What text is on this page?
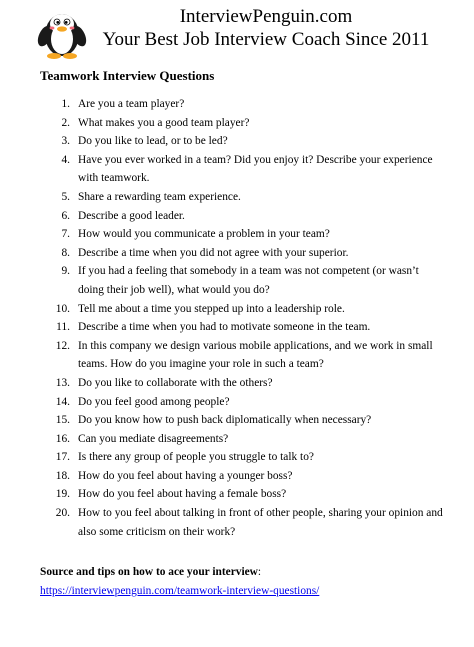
InterviewPenguin.com
Your Best Job Interview Coach Since 2011
Teamwork Interview Questions
1. Are you a team player?
2. What makes you a good team player?
3. Do you like to lead, or to be led?
4. Have you ever worked in a team? Did you enjoy it? Describe your experience with teamwork.
5. Share a rewarding team experience.
6. Describe a good leader.
7. How would you communicate a problem in your team?
8. Describe a time when you did not agree with your superior.
9. If you had a feeling that somebody in a team was not competent (or wasn’t doing their job well), what would you do?
10. Tell me about a time you stepped up into a leadership role.
11. Describe a time when you had to motivate someone in the team.
12. In this company we design various mobile applications, and we work in small teams. How do you imagine your role in such a team?
13. Do you like to collaborate with the others?
14. Do you feel good among people?
15. Do you know how to push back diplomatically when necessary?
16. Can you mediate disagreements?
17. Is there any group of people you struggle to talk to?
18. How do you feel about having a younger boss?
19. How do you feel about having a female boss?
20. How to you feel about talking in front of other people, sharing your opinion and also some criticism on their work?
Source and tips on how to ace your interview: https://interviewpenguin.com/teamwork-interview-questions/
